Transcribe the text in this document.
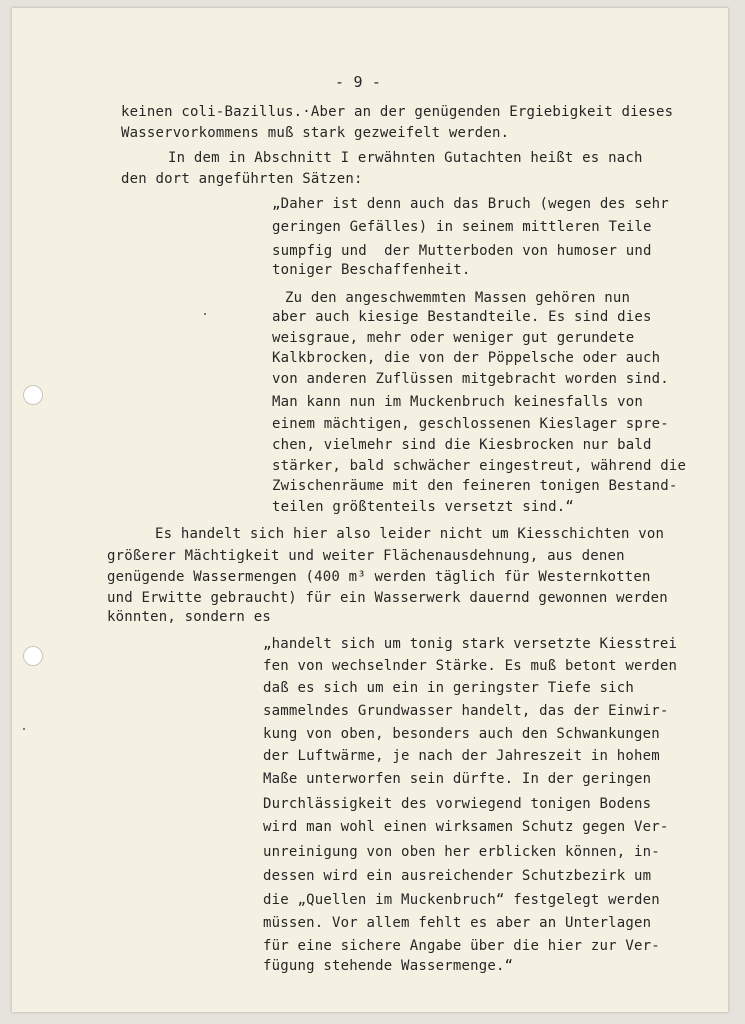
- 9 -
keinen coli-Bazillus.·Aber an der genügenden Ergiebigkeit dieses
Wasservorkommens muß stark gezweifelt werden.
In dem in Abschnitt I erwähnten Gutachten heißt es nach
den dort angeführten Sätzen:
„Daher ist denn auch das Bruch (wegen des sehr
geringen Gefälles) in seinem mittleren Teile
sumpfig und  der Mutterboden von humoser und
toniger Beschaffenheit.
Zu den angeschwemmten Massen gehören nun
aber auch kiesige Bestandteile. Es sind dies
weisgraue, mehr oder weniger gut gerundete
Kalkbrocken, die von der Pöppelsche oder auch
von anderen Zuflüssen mitgebracht worden sind.
Man kann nun im Muckenbruch keinesfalls von
einem mächtigen, geschlossenen Kieslager spre-
chen, vielmehr sind die Kiesbrocken nur bald
stärker, bald schwächer eingestreut, während die
Zwischenräume mit den feineren tonigen Bestand-
teilen größtenteils versetzt sind.“
Es handelt sich hier also leider nicht um Kiesschichten von
größerer Mächtigkeit und weiter Flächenausdehnung, aus denen
genügende Wassermengen (400 m³ werden täglich für Westernkotten
und Erwitte gebraucht) für ein Wasserwerk dauernd gewonnen werden
könnten, sondern es
„handelt sich um tonig stark versetzte Kiesstrei
fen von wechselnder Stärke. Es muß betont werden
daß es sich um ein in geringster Tiefe sich
sammelndes Grundwasser handelt, das der Einwir-
kung von oben, besonders auch den Schwankungen
der Luftwärme, je nach der Jahreszeit in hohem
Maße unterworfen sein dürfte. In der geringen
Durchlässigkeit des vorwiegend tonigen Bodens
wird man wohl einen wirksamen Schutz gegen Ver-
unreinigung von oben her erblicken können, in-
dessen wird ein ausreichender Schutzbezirk um
die „Quellen im Muckenbruch“ festgelegt werden
müssen. Vor allem fehlt es aber an Unterlagen
für eine sichere Angabe über die hier zur Ver-
fügung stehende Wassermenge.“
